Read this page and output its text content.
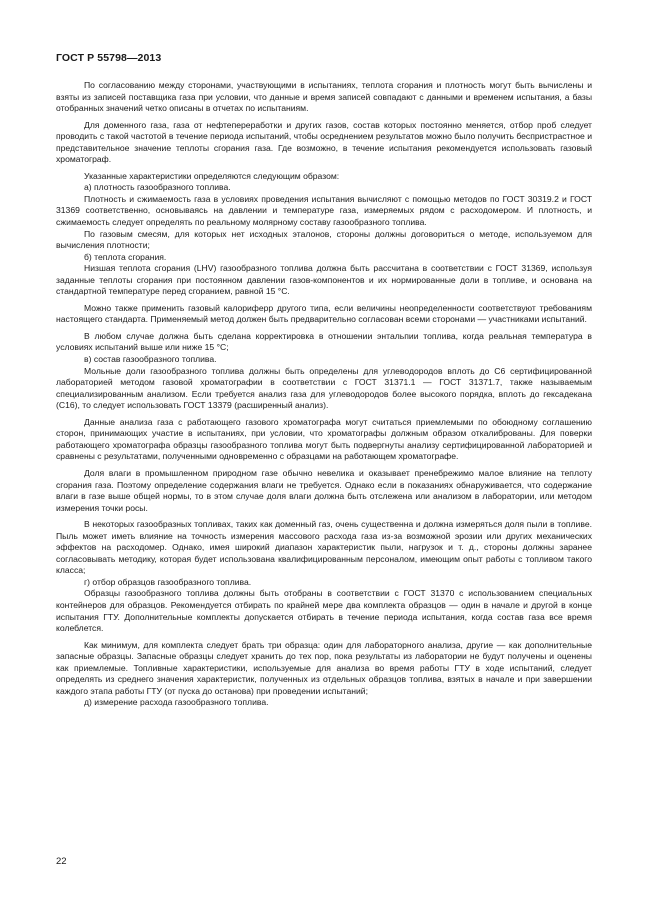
ГОСТ Р 55798—2013

По согласованию между сторонами, участвующими в испытаниях, теплота сгорания и плотность могут быть вычислены и взяты из записей поставщика газа при условии, что данные и время записей совпадают с данными и временем испытания, а базы отобранных значений четко описаны в отчетах по испытаниям.

Для доменного газа, газа от нефтепереработки и других газов, состав которых постоянно меняется, отбор проб следует проводить с такой частотой в течение периода испытаний, чтобы осреднением результатов можно было получить беспристрастное и представительное значение теплоты сгорания газа. Где возможно, в течение испытания рекомендуется использовать газовый хроматограф.

Указанные характеристики определяются следующим образом:

а) плотность газообразного топлива.

Плотность и сжимаемость газа в условиях проведения испытания вычисляют с помощью методов по ГОСТ 30319.2 и ГОСТ 31369 соответственно, основываясь на давлении и температуре газа, измеряемых рядом с расходомером. И плотность, и сжимаемость следует определять по реальному молярному составу газообразного топлива.

По газовым смесям, для которых нет исходных эталонов, стороны должны договориться о методе, используемом для вычисления плотности;

б) теплота сгорания.

Низшая теплота сгорания (LHV) газообразного топлива должна быть рассчитана в соответствии с ГОСТ 31369, используя заданные теплоты сгорания при постоянном давлении газов-компонентов и их нормированные доли в топливе, и основана на стандартной температуре перед сгоранием, равной 15 °С.

Можно также применить газовый калориферр другого типа, если величины неопределенности соответствуют требованиям настоящего стандарта. Применяемый метод должен быть предварительно согласован всеми сторонами — участниками испытаний.

В любом случае должна быть сделана корректировка в отношении энтальпии топлива, когда реальная температура в условиях испытаний выше или ниже 15 °С;

в) состав газообразного топлива.

Мольные доли газообразного топлива должны быть определены для углеводородов вплоть до С6 сертифицированной лабораторией методом газовой хроматографии в соответствии с ГОСТ 31371.1 — ГОСТ 31371.7, также называемым специализированным анализом. Если требуется анализ газа для углеводородов более высокого порядка, вплоть до гексадекана (С16), то следует использовать ГОСТ 13379 (расширенный анализ).

Данные анализа газа с работающего газового хроматографа могут считаться приемлемыми по обоюдному соглашению сторон, принимающих участие в испытаниях, при условии, что хроматографы должным образом откалиброваны. Для поверки работающего хроматографа образцы газообразного топлива могут быть подвергнуты анализу сертифицированной лабораторией и сравнены с результатами, полученными одновременно с образцами на работающем хроматографе.

Доля влаги в промышленном природном газе обычно невелика и оказывает пренебрежимо малое влияние на теплоту сгорания газа. Поэтому определение содержания влаги не требуется. Однако если в показаниях обнаруживается, что содержание влаги в газе выше общей нормы, то в этом случае доля влаги должна быть отслежена или анализом в лаборатории, или методом измерения точки росы.

В некоторых газообразных топливах, таких как доменный газ, очень существенна и должна измеряться доля пыли в топливе. Пыль может иметь влияние на точность измерения массового расхода газа из-за возможной эрозии или других механических эффектов на расходомер. Однако, имея широкий диапазон характеристик пыли, нагрузок и т. д., стороны должны заранее согласовывать методику, которая будет использована квалифицированным персоналом, имеющим опыт работы с топливом такого класса;

г) отбор образцов газообразного топлива.

Образцы газообразного топлива должны быть отобраны в соответствии с ГОСТ 31370 с использованием специальных контейнеров для образцов. Рекомендуется отбирать по крайней мере два комплекта образцов — один в начале и другой в конце испытания ГТУ. Дополнительные комплекты допускается отбирать в течение периода испытания, когда состав газа все время колеблется.

Как минимум, для комплекта следует брать три образца: один для лабораторного анализа, другие — как дополнительные запасные образцы. Запасные образцы следует хранить до тех пор, пока результаты из лаборатории не будут получены и оценены как приемлемые. Топливные характеристики, используемые для анализа во время работы ГТУ в ходе испытаний, следует определять из среднего значения характеристик, полученных из отдельных образцов топлива, взятых в начале и при завершении каждого этапа работы ГТУ (от пуска до останова) при проведении испытаний;

д) измерение расхода газообразного топлива.

22
